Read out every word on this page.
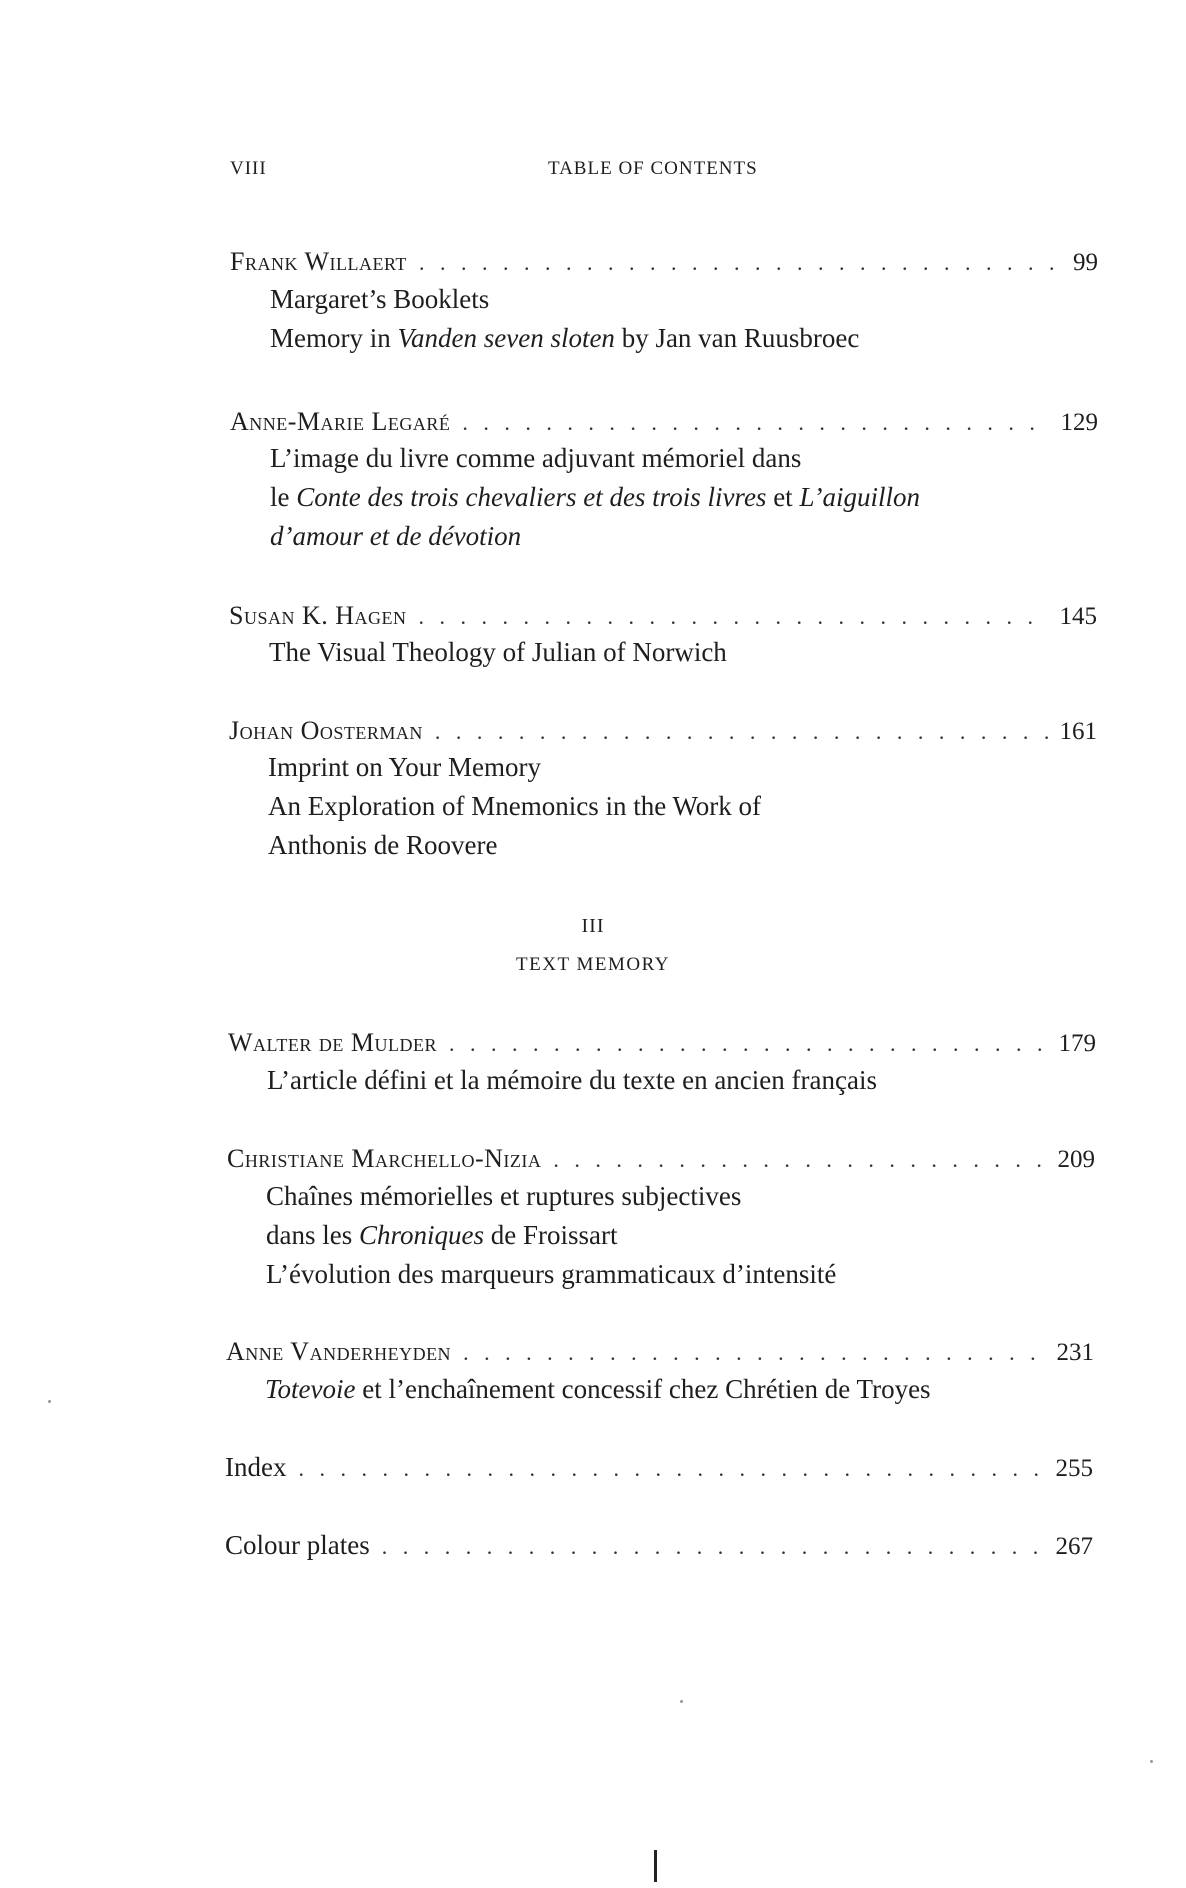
VIII	TABLE OF CONTENTS
Frank Willaert . . .	99
Margaret’s Booklets
Memory in Vanden seven sloten by Jan van Ruusbroec
Anne-Marie Legaré . . .	129
L’image du livre comme adjuvant mémoriel dans
le Conte des trois chevaliers et des trois livres et L’aiguillon
d’amour et de dévotion
Susan K. Hagen . . .	145
The Visual Theology of Julian of Norwich
Johan Oosterman . . .	161
Imprint on Your Memory
An Exploration of Mnemonics in the Work of
Anthonis de Roovere
III
TEXT MEMORY
Walter de Mulder . . .	179
L’article défini et la mémoire du texte en ancien français
Christiane Marchello-Nizia . . .	209
Chaînes mémorielles et ruptures subjectives
dans les Chroniques de Froissart
L’évolution des marqueurs grammaticaux d’intensité
Anne Vanderheyden . . .	231
Totevoie et l’enchaînement concessif chez Chrétien de Troyes
Index . . .	255
Colour plates . . .	267
